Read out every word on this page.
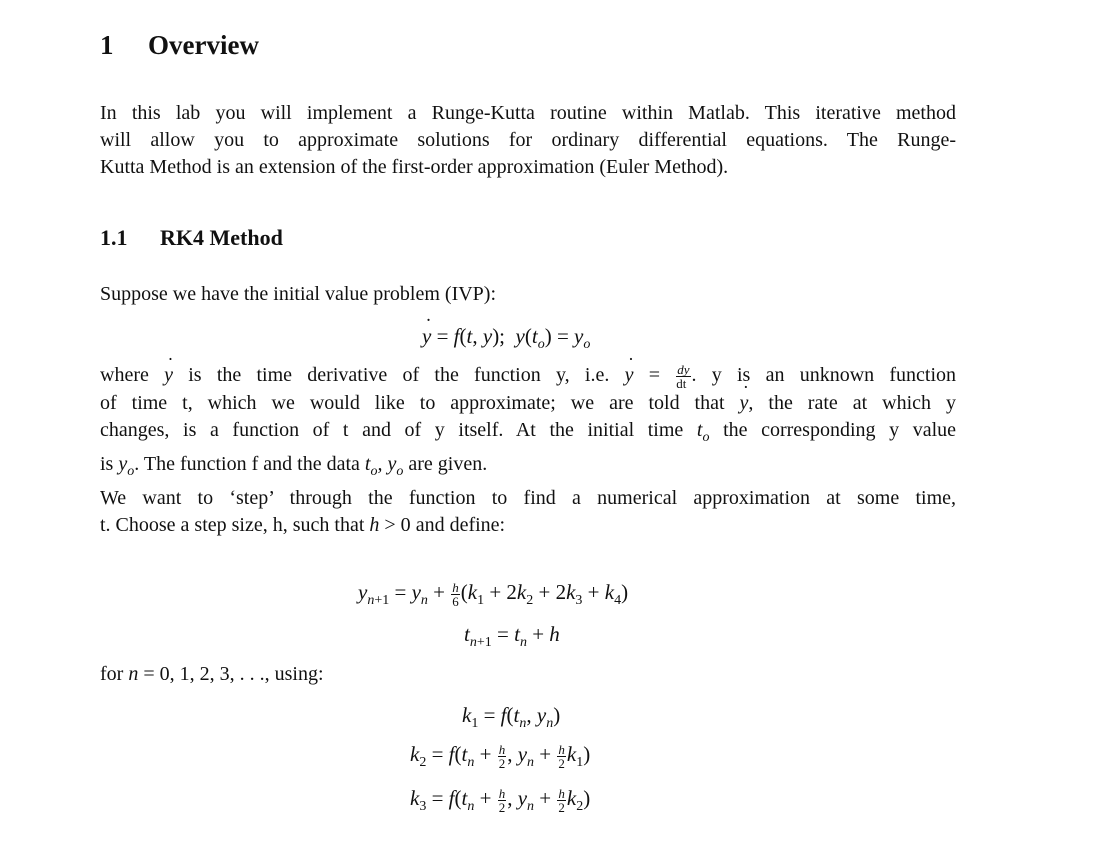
1 Overview
In this lab you will implement a Runge-Kutta routine within Matlab. This iterative method
will allow you to approximate solutions for ordinary differential equations. The Runge-
Kutta Method is an extension of the first-order approximation (Euler Method).
1.1 RK4 Method
Suppose we have the initial value problem (IVP):
y ˙ = f(t, y);  $y(t_o) = y_o$
where y ˙ is the time derivative of the function y, i.e. y ˙ = $\frac{dy}{dt}$ . y is an unknown function
of time t, which we would like to approximate; we are told that y ˙, the rate at which y
changes, is a function of t and of y itself. At the initial time $t_o$ the corresponding y value
is $y_o$. The function f and the data $t_o$, $y_o$ are given.
We want to ‘step’ through the function to find a numerical approximation at some time,
t. Choose a step size, h, such that h > 0 and define:
$y_{n+1} = y_n + \frac{h}{6} (k_1 + 2k_2 + 2k_3 + k_4)$
$t_{n+1} = t_n + h$
for n = 0, 1, 2, 3, . . ., using:
$k_1 = f(t_n$, $y_n$)
$k_2 = f(t_n + \frac{h}{2}$ , $y_n + \frac{h}{2} k_1$)
$k_3 = f(t_n + \frac{h}{2}$ , $y_n + \frac{h}{2} k_2$)
